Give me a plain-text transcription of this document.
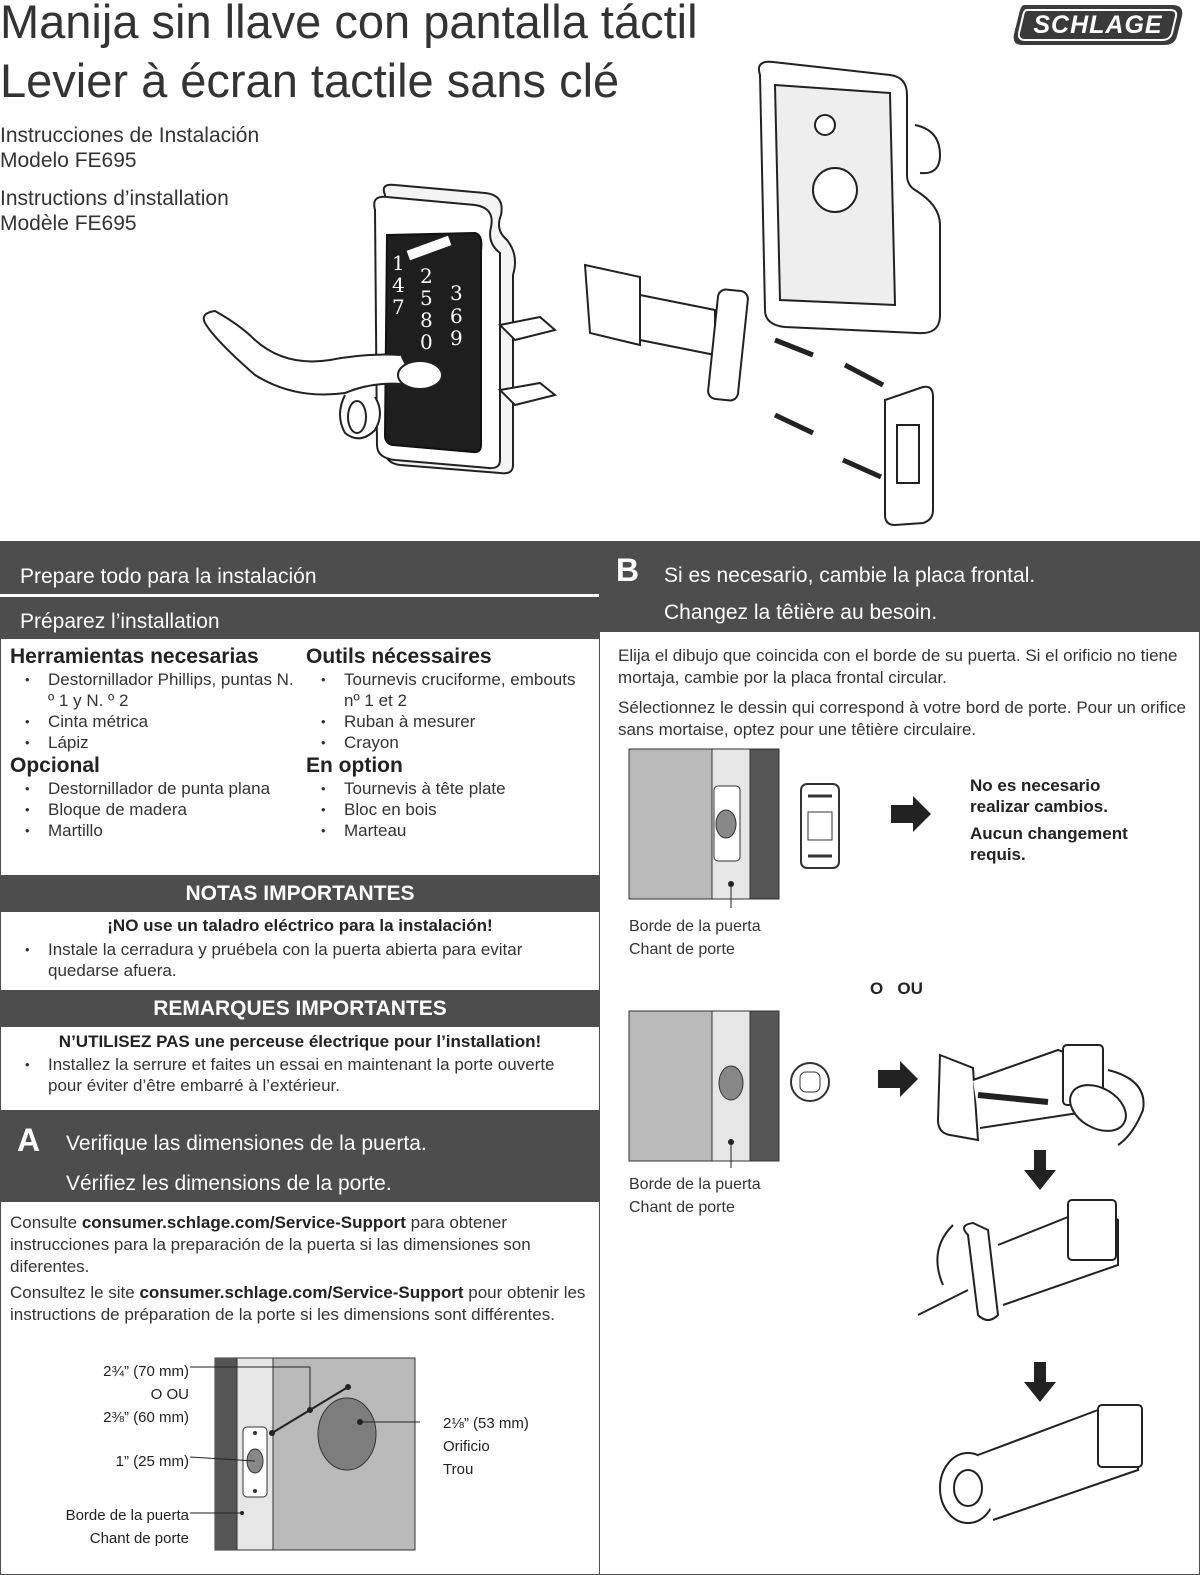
Manija sin llave con pantalla táctil
Levier à écran tactile sans clé
Instrucciones de Instalación
Modelo FE695
Instructions d’installation
Modèle FE695
SCHLAGE
1
4
7
2
5
8
0
3
6
9
Prepare todo para la instalación
Préparez l’installation
Herramientas necesarias
• Destornillador Phillips, puntas N. º 1 y N. º 2
• Cinta métrica
• Lápiz
Opcional
• Destornillador de punta plana
• Bloque de madera
• Martillo
Outils nécessaires
• Tournevis cruciforme, embouts nº 1 et 2
• Ruban à mesurer
• Crayon
En option
• Tournevis à tête plate
• Bloc en bois
• Marteau
NOTAS IMPORTANTES
¡NO use un taladro eléctrico para la instalación!
• Instale la cerradura y pruébela con la puerta abierta para evitar quedarse afuera.
REMARQUES IMPORTANTES
N’UTILISEZ PAS une perceuse électrique pour l’installation!
• Installez la serrure et faites un essai en maintenant la porte ouverte pour éviter d’être embarré à l’extérieur.
A Verifique las dimensiones de la puerta.
Vérifiez les dimensions de la porte.
Consulte consumer.schlage.com/Service-Support para obtener instrucciones para la preparación de la puerta si las dimensiones son diferentes.
Consultez le site consumer.schlage.com/Service-Support pour obtenir les instructions de préparation de la porte si les dimensions sont différentes.
2¾” (70 mm)
O OU
2⅜” (60 mm)
1” (25 mm)
Borde de la puerta
Chant de porte
2⅛” (53 mm)
Orificio
Trou
B Si es necesario, cambie la placa frontal.
Changez la têtière au besoin.
Elija el dibujo que coincida con el borde de su puerta. Si el orificio no tiene mortaja, cambie por la placa frontal circular.
Sélectionnez le dessin qui correspond à votre bord de porte. Pour un orifice sans mortaise, optez pour une têtière circulaire.
No es necesario
realizar cambios.
Aucun changement
requis.
Borde de la puerta
Chant de porte
O   OU
Borde de la puerta
Chant de porte
